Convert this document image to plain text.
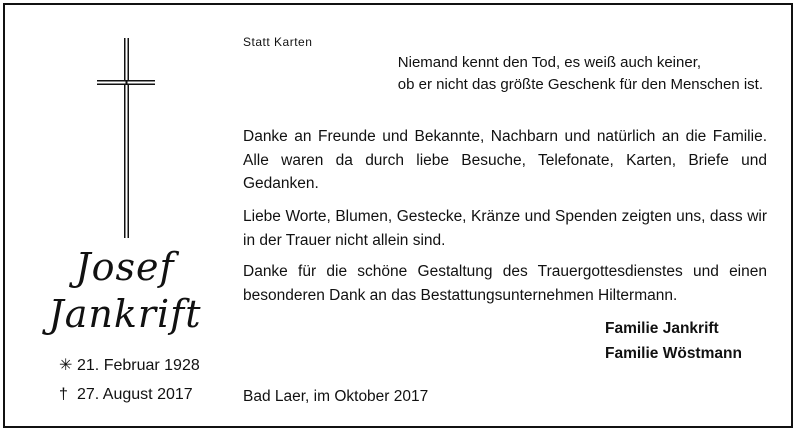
Josef
Jankrift
✳ 21. Februar 1928
† 27. August 2017
Statt Karten
Niemand kennt den Tod, es weiß auch keiner,
ob er nicht das größte Geschenk für den Menschen ist.
Danke an Freunde und Bekannte, Nachbarn und natürlich an die Familie. Alle waren da durch liebe Besuche, Telefonate, Karten, Briefe und Gedanken.
Liebe Worte, Blumen, Gestecke, Kränze und Spenden zeigten uns, dass wir in der Trauer nicht allein sind.
Danke für die schöne Gestaltung des Trauergottesdienstes und einen besonderen Dank an das Bestattungsunternehmen Hiltermann.
Familie Jankrift
Familie Wöstmann
Bad Laer, im Oktober 2017
